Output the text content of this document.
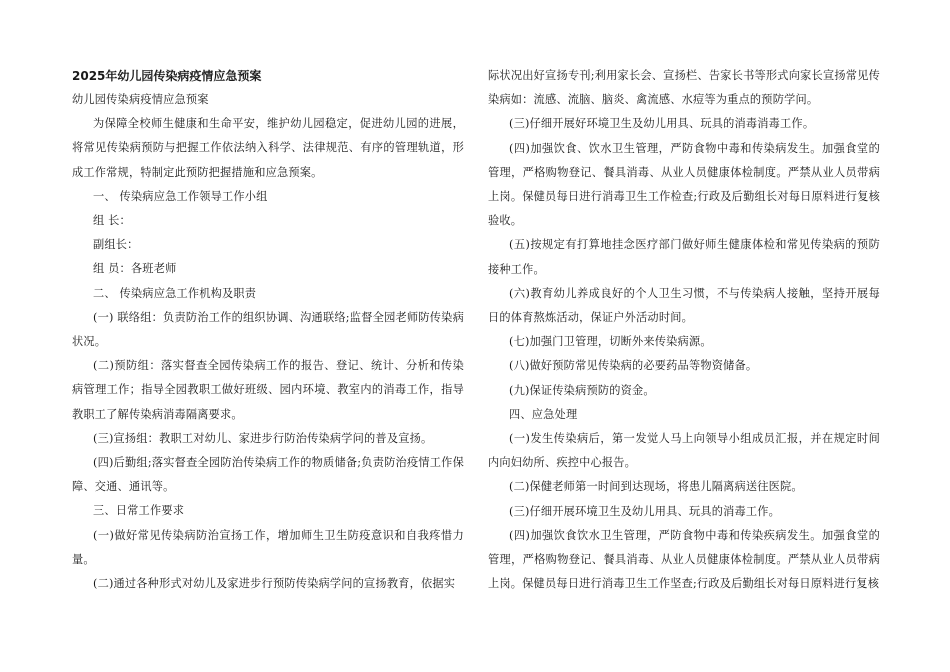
2025年幼儿园传染病疫情应急预案

幼儿园传染病疫情应急预案

为保障全校师生健康和生命平安，维护幼儿园稳定，促进幼儿园的进展，将常见传染病预防与把握工作依法纳入科学、法律规范、有序的管理轨道，形成工作常规，特制定此预防把握措施和应急预案。

一、 传染病应急工作领导工作小组

组 长：

副组长：

组 员：各班老师

二、 传染病应急工作机构及职责

(一) 联络组：负责防治工作的组织协调、沟通联络;监督全园老师防传染病状况。

(二)预防组：落实督查全园传染病工作的报告、登记、统计、分析和传染病管理工作；指导全园教职工做好班级、园内环境、教室内的消毒工作，指导教职工了解传染病消毒隔离要求。

(三)宣扬组：教职工对幼儿、家进步行防治传染病学问的普及宣扬。

(四)后勤组;落实督查全园防治传染病工作的物质储备;负责防治疫情工作保障、交通、通讯等。

三、日常工作要求

(一)做好常见传染病防治宣扬工作，增加师生卫生防疫意识和自我疼惜力量。

(二)通过各种形式对幼儿及家进步行预防传染病学问的宣扬教育，依据实

际状况出好宣扬专刊;利用家长会、宣扬栏、告家长书等形式向家长宣扬常见传染病如：流感、流脑、脑炎、禽流感、水痘等为重点的预防学问。

(三)仔细开展好环境卫生及幼儿用具、玩具的消毒消毒工作。

(四)加强饮食、饮水卫生管理，严防食物中毒和传染病发生。加强食堂的管理，严格购物登记、餐具消毒、从业人员健康体检制度。严禁从业人员带病上岗。保健员每日进行消毒卫生工作检查;行政及后勤组长对每日原料进行复核验收。

(五)按规定有打算地挂念医疗部门做好师生健康体检和常见传染病的预防接种工作。

(六)教育幼儿养成良好的个人卫生习惯，不与传染病人接触，坚持开展每日的体育熬炼活动，保证户外活动时间。

(七)加强门卫管理，切断外来传染病源。

(八)做好预防常见传染病的必要药品等物资储备。

(九)保证传染病预防的资金。

四、应急处理

(一)发生传染病后，第一发觉人马上向领导小组成员汇报，并在规定时间内向妇幼所、疾控中心报告。

(二)保健老师第一时间到达现场，将患儿隔离病送往医院。

(三)仔细开展环境卫生及幼儿用具、玩具的消毒工作。

(四)加强饮食饮水卫生管理，严防食物中毒和传染疾病发生。加强食堂的管理，严格购物登记、餐具消毒、从业人员健康体检制度。严禁从业人员带病上岗。保健员每日进行消毒卫生工作坚查;行政及后勤组长对每日原料进行复核
